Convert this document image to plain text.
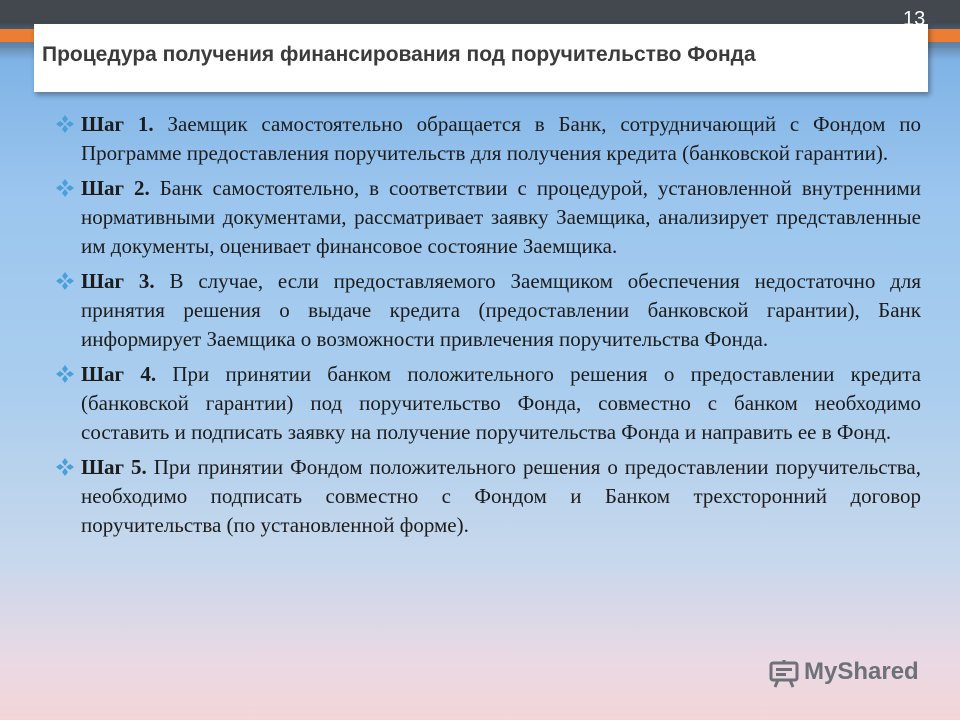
Процедура получения финансирования под поручительство Фонда
13

Шаг 1. Заемщик самостоятельно обращается в Банк, сотрудничающий с Фондом по Программе предоставления поручительств для получения кредита (банковской гарантии).

Шаг 2. Банк самостоятельно, в соответствии с процедурой, установленной внутренними нормативными документами, рассматривает заявку Заемщика, анализирует представленные им документы, оценивает финансовое состояние Заемщика.

Шаг 3. В случае, если предоставляемого Заемщиком обеспечения недостаточно для принятия решения о выдаче кредита (предоставлении банковской гарантии), Банк информирует Заемщика о возможности привлечения поручительства Фонда.

Шаг 4. При принятии банком положительного решения о предоставлении кредита (банковской гарантии) под поручительство Фонда, совместно с банком необходимо составить и подписать заявку на получение поручительства Фонда и направить ее в Фонд.

Шаг 5. При принятии Фондом положительного решения о предоставлении поручительства, необходимо подписать совместно с Фондом и Банком трехсторонний договор поручительства (по установленной форме).

MyShared
